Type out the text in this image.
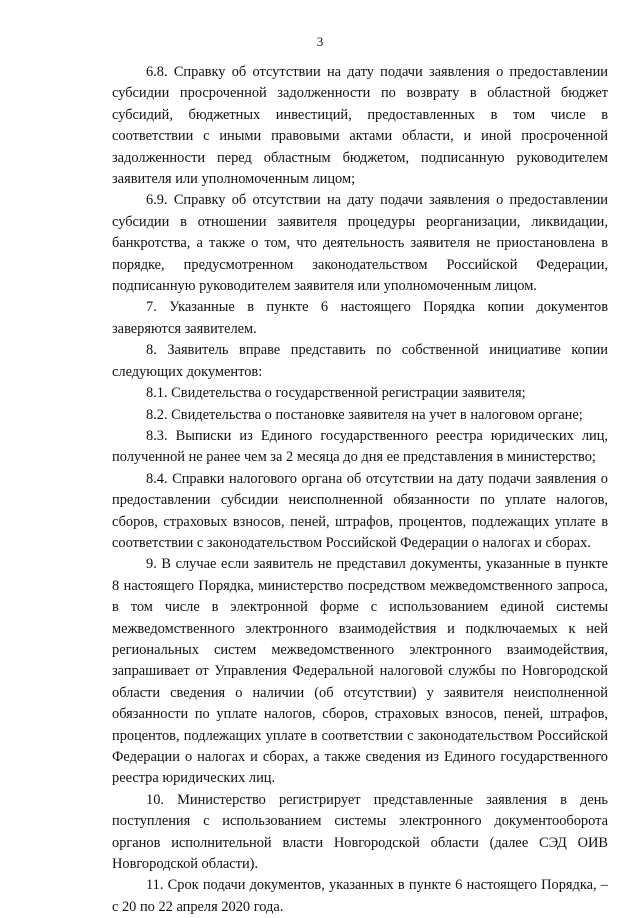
3

6.8. Справку об отсутствии на дату подачи заявления о предоставлении субсидии просроченной задолженности по возврату в областной бюджет субсидий, бюджетных инвестиций, предоставленных в том числе в соответствии с иными правовыми актами области, и иной просроченной задолженности перед областным бюджетом, подписанную руководителем заявителя или уполномоченным лицом;

6.9. Справку об отсутствии на дату подачи заявления о предоставлении субсидии в отношении заявителя процедуры реорганизации, ликвидации, банкротства, а также о том, что деятельность заявителя не приостановлена в порядке, предусмотренном законодательством Российской Федерации, подписанную руководителем заявителя или уполномоченным лицом.

7. Указанные в пункте 6 настоящего Порядка копии документов заверяются заявителем.

8. Заявитель вправе представить по собственной инициативе копии следующих документов:

8.1. Свидетельства о государственной регистрации заявителя;

8.2. Свидетельства о постановке заявителя на учет в налоговом органе;

8.3. Выписки из Единого государственного реестра юридических лиц, полученной не ранее чем за 2 месяца до дня ее представления в министерство;

8.4. Справки налогового органа об отсутствии на дату подачи заявления о предоставлении субсидии неисполненной обязанности по уплате налогов, сборов, страховых взносов, пеней, штрафов, процентов, подлежащих уплате в соответствии с законодательством Российской Федерации о налогах и сборах.

9. В случае если заявитель не представил документы, указанные в пункте 8 настоящего Порядка, министерство посредством межведомственного запроса, в том числе в электронной форме с использованием единой системы межведомственного электронного взаимодействия и подключаемых к ней региональных систем межведомственного электронного взаимодействия, запрашивает от Управления Федеральной налоговой службы по Новгородской области сведения о наличии (об отсутствии) у заявителя неисполненной обязанности по уплате налогов, сборов, страховых взносов, пеней, штрафов, процентов, подлежащих уплате в соответствии с законодательством Российской Федерации о налогах и сборах, а также сведения из Единого государственного реестра юридических лиц.

10. Министерство регистрирует представленные заявления в день поступления с использованием системы электронного документооборота органов исполнительной власти Новгородской области (далее СЭД ОИВ Новгородской области).

11. Срок подачи документов, указанных в пункте 6 настоящего Порядка, – с 20 по 22 апреля 2020 года.
